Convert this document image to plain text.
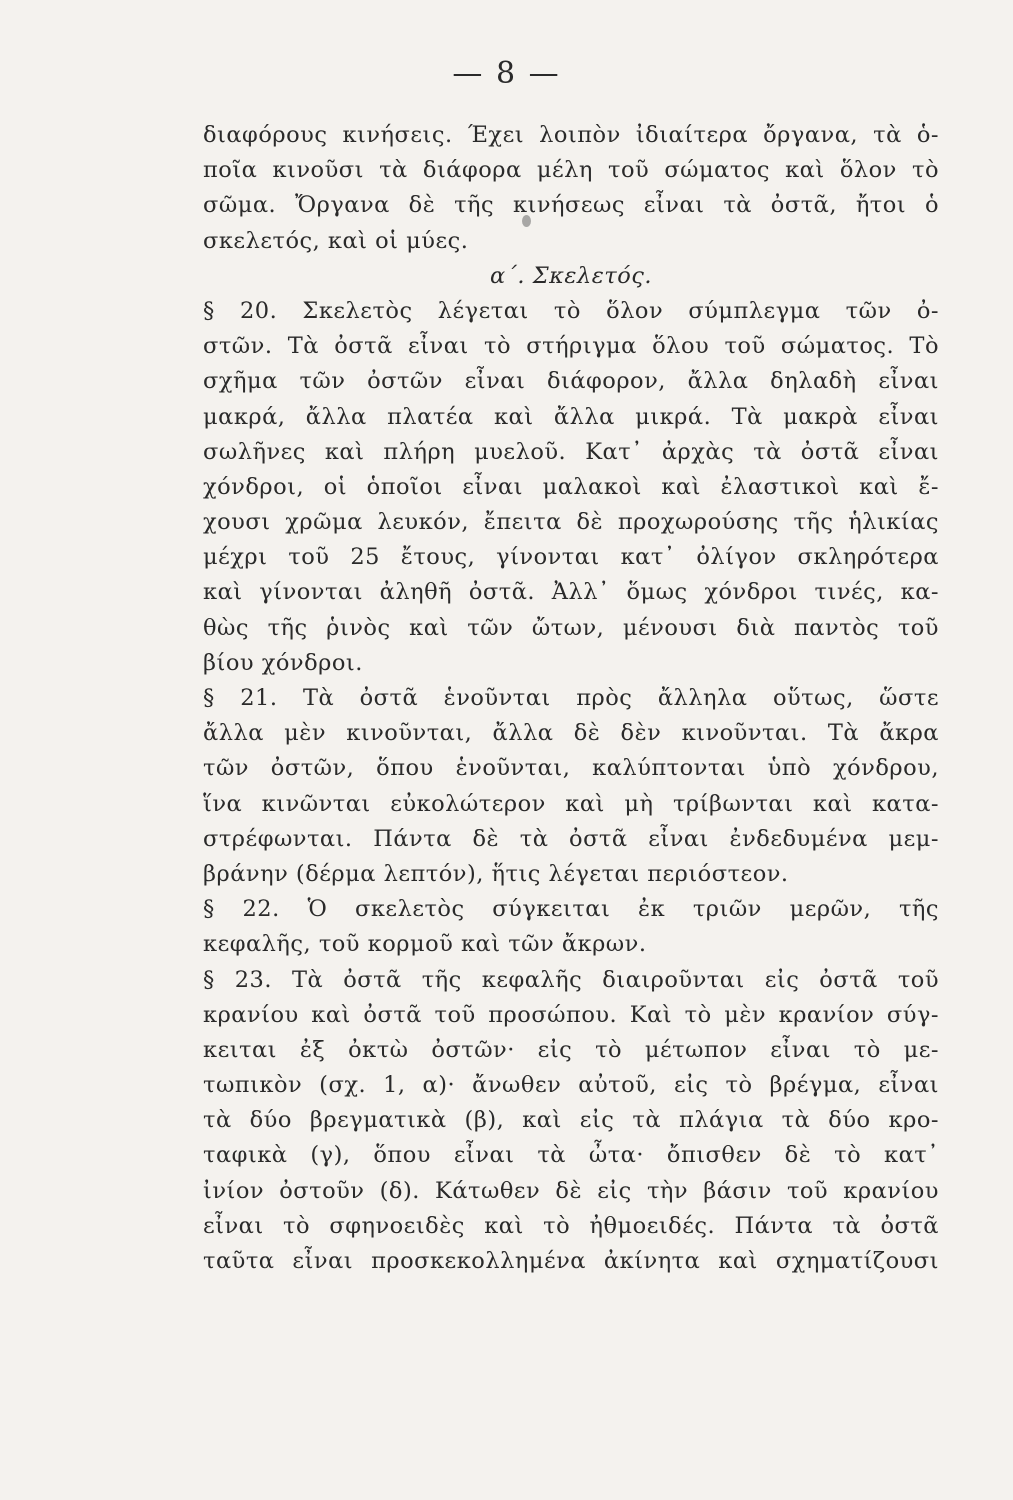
— 8 —
διαφόρους κινήσεις. Έχει λοιπὸν ἰδιαίτερα ὄργανα, τὰ ὁ-
ποῖα κινοῦσι τὰ διάφορα μέλη τοῦ σώματος καὶ ὅλον τὸ
σῶμα. Ὄργανα δὲ τῆς κινήσεως εἶναι τὰ ὀστᾶ, ἤτοι ὁ
σκελετός, καὶ οἱ μύες.
α΄. Σκελετός.
§ 20. Σκελετὸς λέγεται τὸ ὅλον σύμπλεγμα τῶν ὀ-
στῶν. Τὰ ὀστᾶ εἶναι τὸ στήριγμα ὅλου τοῦ σώματος. Τὸ
σχῆμα τῶν ὀστῶν εἶναι διάφορον, ἄλλα δηλαδὴ εἶναι
μακρά, ἄλλα πλατέα καὶ ἄλλα μικρά. Τὰ μακρὰ εἶναι
σωλῆνες καὶ πλήρη μυελοῦ. Κατ᾽ ἀρχὰς τὰ ὀστᾶ εἶναι
χόνδροι, οἱ ὁποῖοι εἶναι μαλακοὶ καὶ ἐλαστικοὶ καὶ ἔ-
χουσι χρῶμα λευκόν, ἔπειτα δὲ προχωρούσης τῆς ἡλικίας
μέχρι τοῦ 25 ἔτους, γίνονται κατ᾽ ὀλίγον σκληρότερα
καὶ γίνονται ἀληθῆ ὀστᾶ. Ἀλλ᾽ ὅμως χόνδροι τινές, κα-
θὼς τῆς ῥινὸς καὶ τῶν ὤτων, μένουσι διὰ παντὸς τοῦ
βίου χόνδροι.
§ 21. Τὰ ὀστᾶ ἑνοῦνται πρὸς ἄλληλα οὕτως, ὥστε
ἄλλα μὲν κινοῦνται, ἄλλα δὲ δὲν κινοῦνται. Τὰ ἄκρα
τῶν ὀστῶν, ὅπου ἑνοῦνται, καλύπτονται ὑπὸ χόνδρου,
ἵνα κινῶνται εὐκολώτερον καὶ μὴ τρίβωνται καὶ κατα-
στρέφωνται. Πάντα δὲ τὰ ὀστᾶ εἶναι ἐνδεδυμένα μεμ-
βράνην (δέρμα λεπτόν), ἥτις λέγεται περιόστεον.
§ 22. Ὁ σκελετὸς σύγκειται ἐκ τριῶν μερῶν, τῆς
κεφαλῆς, τοῦ κορμοῦ καὶ τῶν ἄκρων.
§ 23. Τὰ ὀστᾶ τῆς κεφαλῆς διαιροῦνται εἰς ὀστᾶ τοῦ
κρανίου καὶ ὀστᾶ τοῦ προσώπου. Καὶ τὸ μὲν κρανίον σύγ-
κειται ἐξ ὀκτὼ ὀστῶν· εἰς τὸ μέτωπον εἶναι τὸ με-
τωπικὸν (σχ. 1, α)· ἄνωθεν αὐτοῦ, εἰς τὸ βρέγμα, εἶναι
τὰ δύο βρεγματικὰ (β), καὶ εἰς τὰ πλάγια τὰ δύο κρο-
ταφικὰ (γ), ὅπου εἶναι τὰ ὦτα· ὄπισθεν δὲ τὸ κατ᾽
ἰνίον ὀστοῦν (δ). Κάτωθεν δὲ εἰς τὴν βάσιν τοῦ κρανίου
εἶναι τὸ σφηνοειδὲς καὶ τὸ ἠθμοειδές. Πάντα τὰ ὀστᾶ
ταῦτα εἶναι προσκεκολλημένα ἀκίνητα καὶ σχηματίζουσι
